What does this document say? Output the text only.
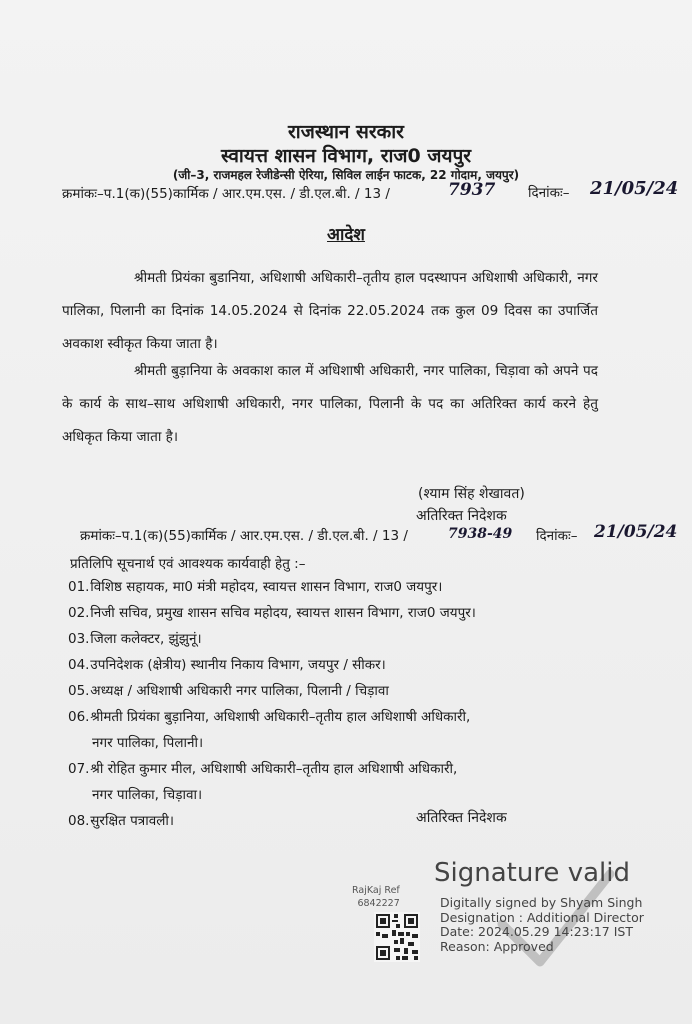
राजस्थान सरकार
स्वायत्त शासन विभाग, राज0 जयपुर
(जी–3, राजमहल रेजीडेन्सी ऐरिया, सिविल लाईन फाटक, 22 गोदाम, जयपुर)
क्रमांकः–प.1(क)(55)कार्मिक / आर.एम.एस. / डी.एल.बी. / 13 /	7937 दिनांकः– 21/05/24
आदेश
श्रीमती प्रियंका बुडानिया, अधिशाषी अधिकारी–तृतीय हाल पदस्थापन अधिशाषी अधिकारी, नगर पालिका, पिलानी का दिनांक 14.05.2024 से दिनांक 22.05.2024 तक कुल 09 दिवस का उपार्जित अवकाश स्वीकृत किया जाता है।
श्रीमती बुड़ानिया के अवकाश काल में अधिशाषी अधिकारी, नगर पालिका, चिड़ावा को अपने पद के कार्य के साथ–साथ अधिशाषी अधिकारी, नगर पालिका, पिलानी के पद का अतिरिक्त कार्य करने हेतु अधिकृत किया जाता है।
(श्याम सिंह शेखावत)
अतिरिक्त निदेशक
क्रमांकः–प.1(क)(55)कार्मिक / आर.एम.एस. / डी.एल.बी. / 13 /	7938-49 दिनांकः– 21/05/24
प्रतिलिपि सूचनार्थ एवं आवश्यक कार्यवाही हेतु :–
01. विशिष्ठ सहायक, मा0 मंत्री महोदय, स्वायत्त शासन विभाग, राज0 जयपुर।
02. निजी सचिव, प्रमुख शासन सचिव महोदय, स्वायत्त शासन विभाग, राज0 जयपुर।
03. जिला कलेक्टर, झुंझुनूं।
04. उपनिदेशक (क्षेत्रीय) स्थानीय निकाय विभाग, जयपुर / सीकर।
05. अध्यक्ष / अधिशाषी अधिकारी नगर पालिका, पिलानी / चिड़ावा
06. श्रीमती प्रियंका बुड़ानिया, अधिशाषी अधिकारी–तृतीय हाल अधिशाषी अधिकारी,
नगर पालिका, पिलानी।
07. श्री रोहित कुमार मील, अधिशाषी अधिकारी–तृतीय हाल अधिशाषी अधिकारी,
नगर पालिका, चिड़ावा।
08. सुरक्षित पत्रावली।	अतिरिक्त निदेशक
RajKaj Ref
6842227
Signature valid
Digitally signed by Shyam Singh
Designation : Additional Director
Date: 2024.05.29 14:23:17 IST
Reason: Approved
